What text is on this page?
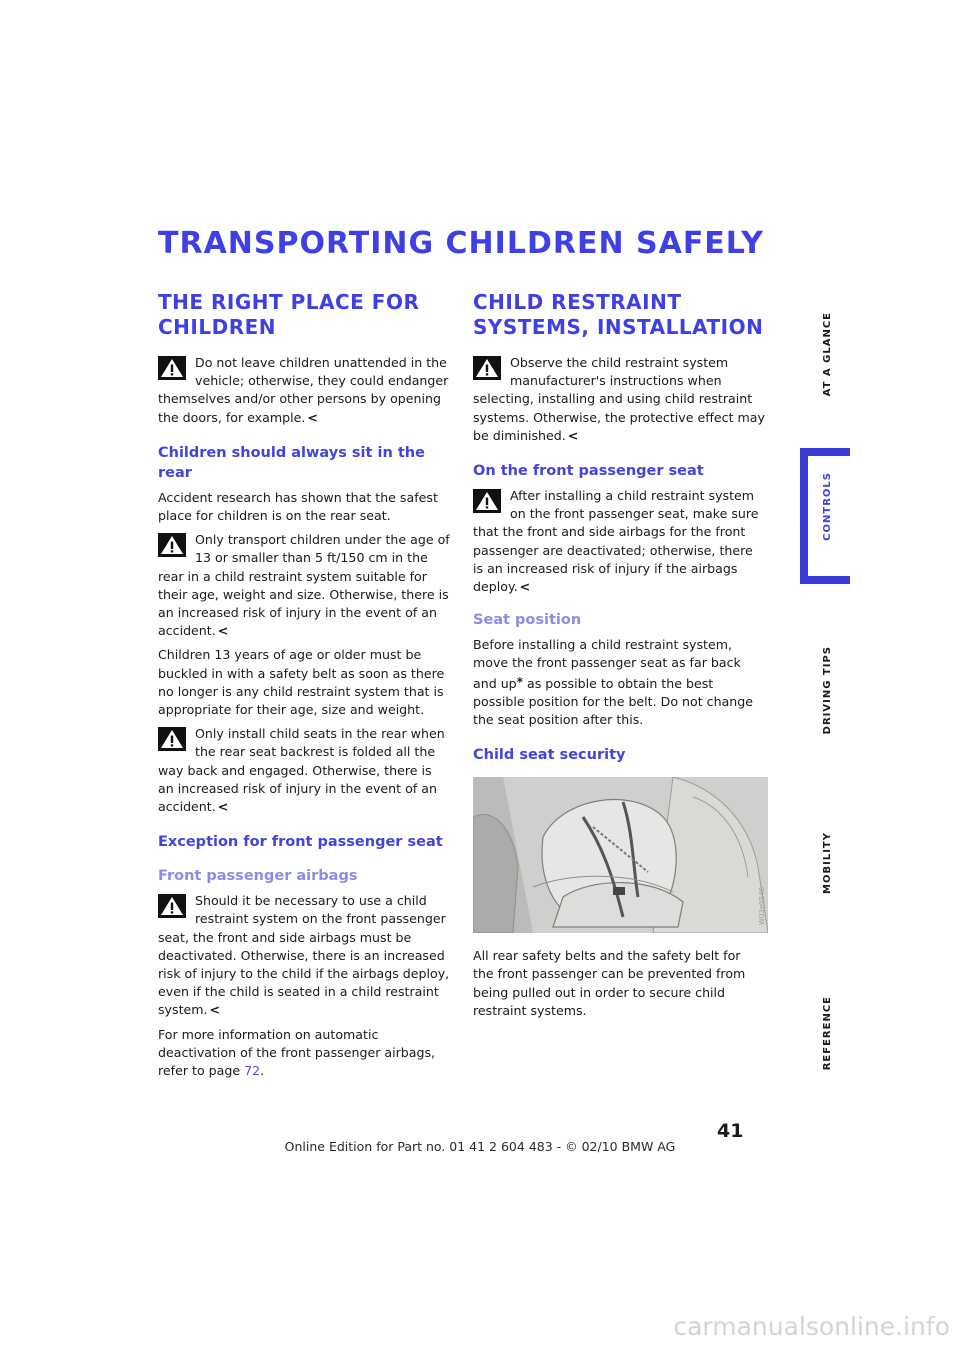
TRANSPORTING CHILDREN SAFELY
THE RIGHT PLACE FOR CHILDREN
Do not leave children unattended in the vehicle; otherwise, they could endanger themselves and/or other persons by opening the doors, for example. <
Children should always sit in the rear

Accident research has shown that the safest place for children is on the rear seat.

Only transport children under the age of 13 or smaller than 5 ft/150 cm in the rear in a child restraint system suitable for their age, weight and size. Otherwise, there is an increased risk of injury in the event of an accident. <

Children 13 years of age or older must be buckled in with a safety belt as soon as there no longer is any child restraint system that is appropriate for their age, size and weight.

Only install child seats in the rear when the rear seat backrest is folded all the way back and engaged. Otherwise, there is an increased risk of injury in the event of an accident. <
Exception for front passenger seat
Front passenger airbags
Should it be necessary to use a child restraint system on the front passenger seat, the front and side airbags must be deactivated. Otherwise, there is an increased risk of injury to the child if the airbags deploy, even if the child is seated in a child restraint system. <

For more information on automatic deactivation of the front passenger airbags, refer to page 72.

CHILD RESTRAINT SYSTEMS, INSTALLATION
Observe the child restraint system manufacturer's instructions when selecting, installing and using child restraint systems. Otherwise, the protective effect may be diminished. <
On the front passenger seat
After installing a child restraint system on the front passenger seat, make sure that the front and side airbags for the front passenger are deactivated; otherwise, there is an increased risk of injury if the airbags deploy. <
Seat position

Before installing a child restraint system, move the front passenger seat as far back and up* as possible to obtain the best possible position for the belt. Do not change the seat position after this.

Child seat security
W03e0546

All rear safety belts and the safety belt for the front passenger can be prevented from being pulled out in order to secure child restraint systems.

AT A GLANCE
CONTROLS
DRIVING TIPS
MOBILITY
REFERENCE

41

Online Edition for Part no. 01 41 2 604 483 - © 02/10 BMW AG

carmanualsonline.info
